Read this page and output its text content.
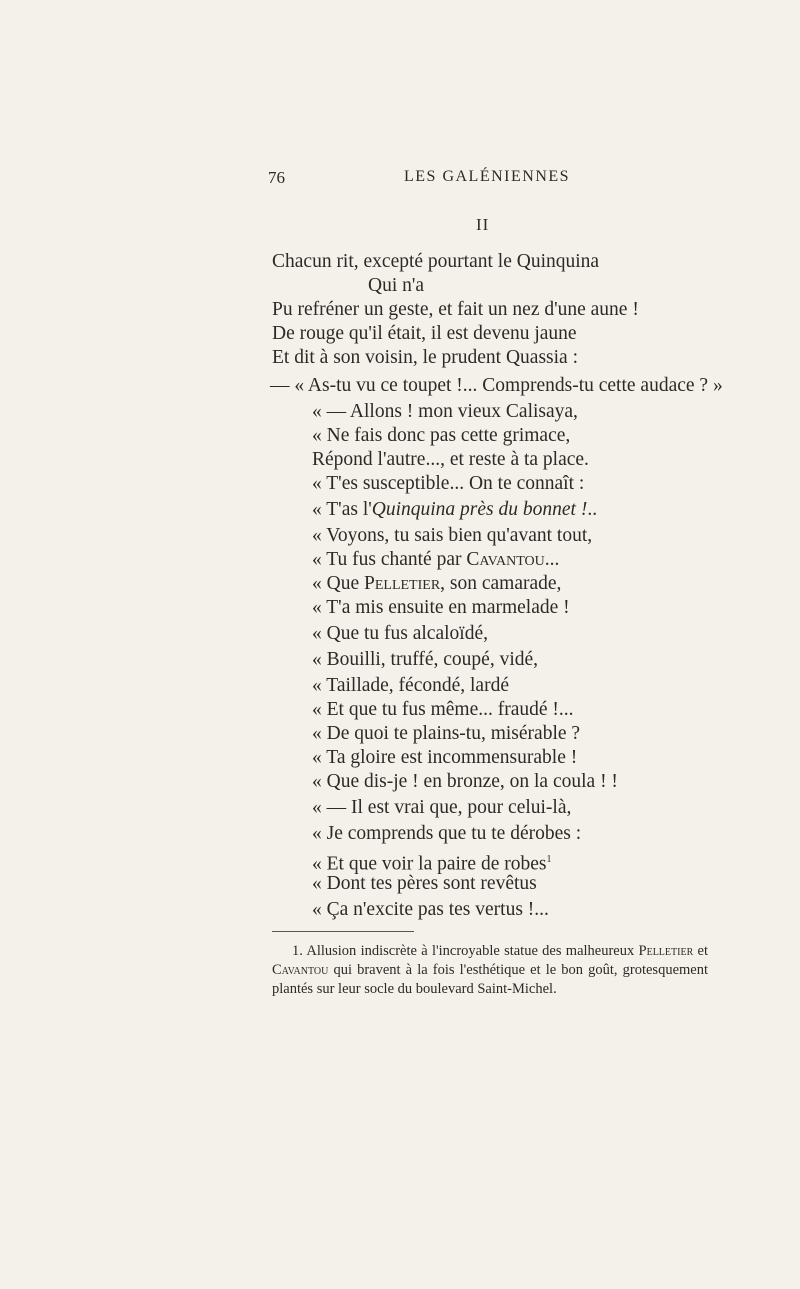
76	LES GALÉNIENNES
II
Chacun rit, excepté pourtant le Quinquina
Qui n'a
Pu refréner un geste, et fait un nez d'une aune !
De rouge qu'il était, il est devenu jaune
Et dit à son voisin, le prudent Quassia :
— « As-tu vu ce toupet !... Comprends-tu cette audace ? »
« — Allons ! mon vieux Calisaya,
« Ne fais donc pas cette grimace,
Répond l'autre..., et reste à ta place.
« T'es susceptible... On te connaît :
« T'as l'Quinquina près du bonnet !..
« Voyons, tu sais bien qu'avant tout,
« Tu fus chanté par Cavantou...
« Que Pelletier, son camarade,
« T'a mis ensuite en marmelade !
« Que tu fus alcaloïdé,
« Bouilli, truffé, coupé, vidé,
« Taillade, fécondé, lardé
« Et que tu fus même... fraudé !...
« De quoi te plains-tu, misérable ?
« Ta gloire est incommensurable !
« Que dis-je ! en bronze, on la coula ! !
« — Il est vrai que, pour celui-là,
« Je comprends que tu te dérobes :
« Et que voir la paire de robes$^1$
« Dont tes pères sont revêtus
« Ça n'excite pas tes vertus !...

1. Allusion indiscrète à l'incroyable statue des malheureux Pelletier et Cavantou qui bravent à la fois l'esthétique et le bon goût, grotesquement plantés sur leur socle du boulevard Saint-Michel.
